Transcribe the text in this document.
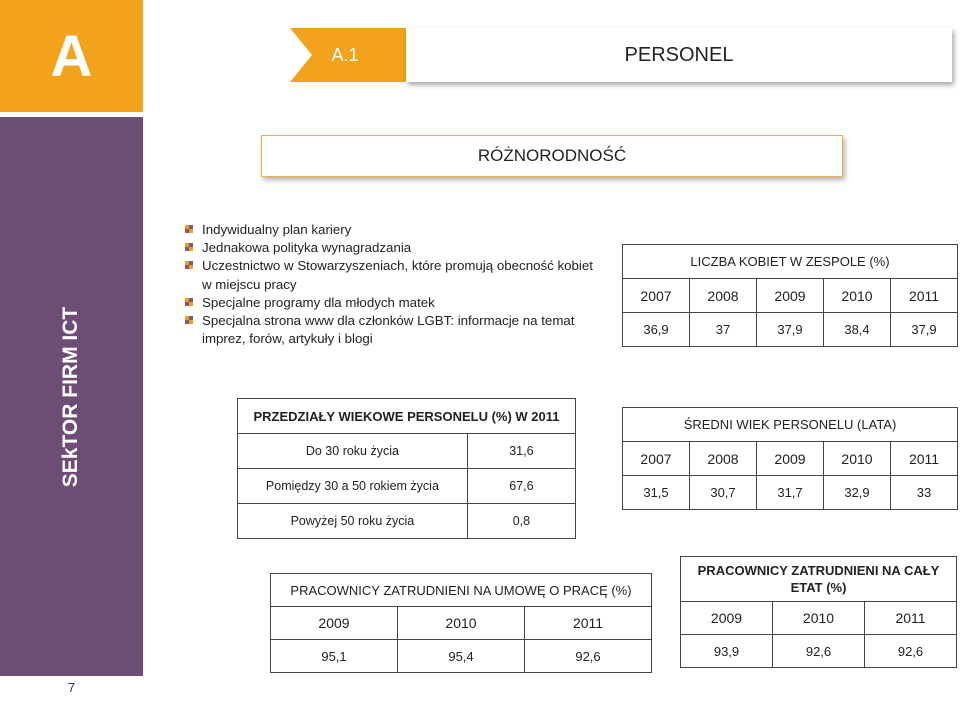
A	A.1	PERSONEL
SEkTOR FIRM ICT
7
RÓŻNORODNOŚĆ
Indywidualny plan kariery
Jednakowa polityka wynagradzania
Uczestnictwo w Stowarzyszeniach, które promują obecność kobiet w miejscu pracy
Specjalne programy dla młodych matek
Specjalna strona www dla członków LGBT: informacje na temat imprez, forów, artykuły i blogi
PRZEDZIAŁY WIEKOWE PERSONELU (%) W 2011	
Do 30 roku życia	31,6
Pomiędzy 30 a 50 rokiem życia	67,6
Powyżej 50 roku życia	0,8
LICZBA KOBIET W ZESPOLE (%)				
2007	2008	2009	2010	2011
36,9	37	37,9	38,4	37,9
ŚREDNI WIEK PERSONELU (LATA)				
2007	2008	2009	2010	2011
31,5	30,7	31,7	32,9	33
PRACOWNICY ZATRUDNIENI NA UMOWĘ O PRACĘ (%)		
2009	2010	2011
95,1	95,4	92,6
PRACOWNICY ZATRUDNIENI NA CAŁY ETAT (%)		
2009	2010	2011
93,9	92,6	92,6
